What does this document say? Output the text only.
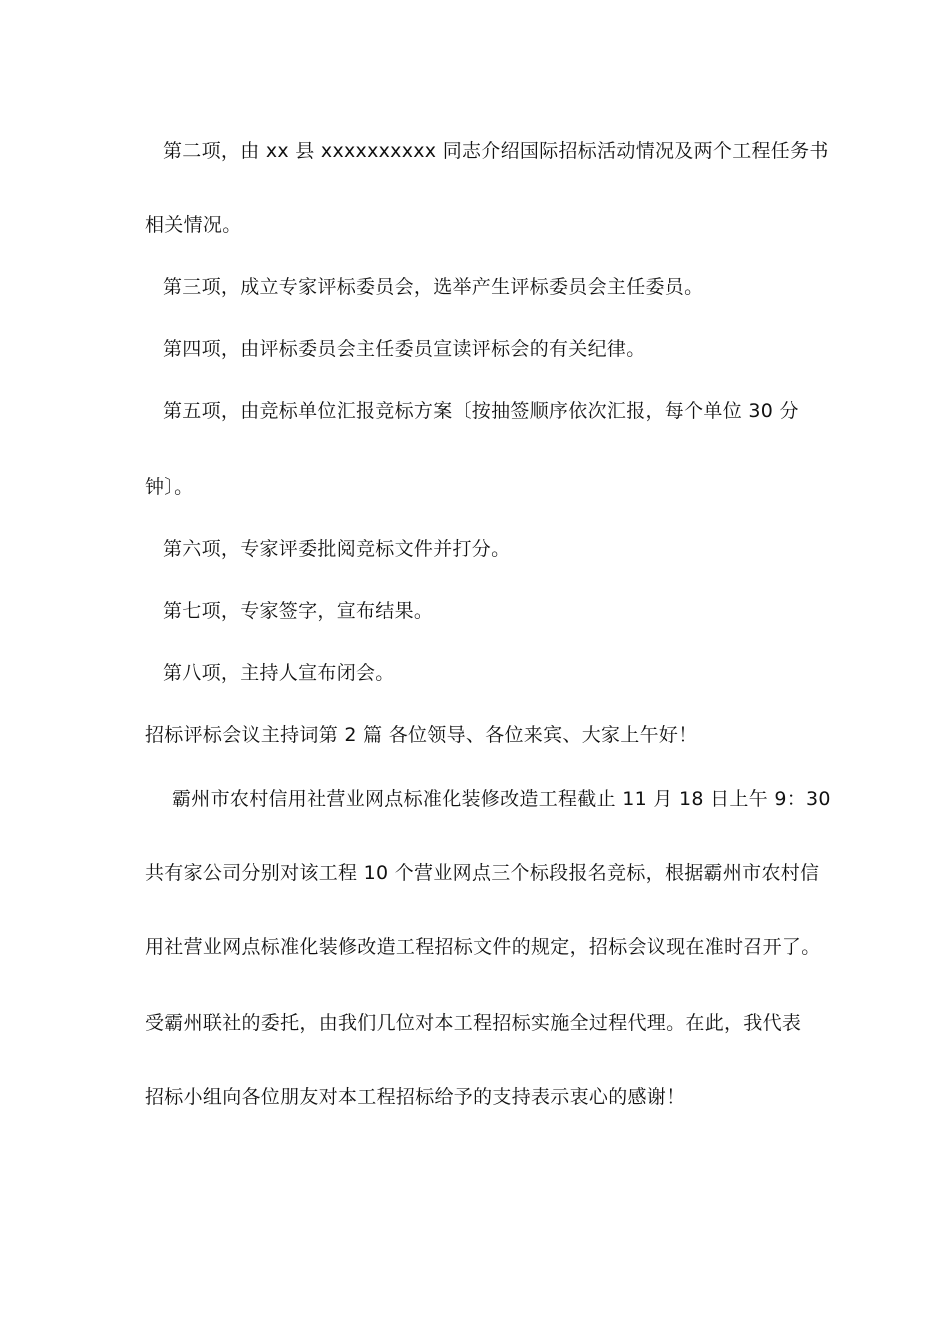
第二项，由 xx 县 xxxxxxxxxx 同志介绍国际招标活动情况及两个工程任务书
相关情况。
第三项，成立专家评标委员会，选举产生评标委员会主任委员。
第四项，由评标委员会主任委员宣读评标会的有关纪律。
第五项，由竞标单位汇报竞标方案〔按抽签顺序依次汇报，每个单位 30 分
钟〕。
第六项，专家评委批阅竞标文件并打分。
第七项，专家签字，宣布结果。
第八项，主持人宣布闭会。
招标评标会议主持词第 2 篇 各位领导、各位来宾、大家上午好！
霸州市农村信用社营业网点标准化装修改造工程截止 11 月 18 日上午 9：30
共有家公司分别对该工程 10 个营业网点三个标段报名竞标，根据霸州市农村信
用社营业网点标准化装修改造工程招标文件的规定，招标会议现在准时召开了。
受霸州联社的委托，由我们几位对本工程招标实施全过程代理。在此，我代表
招标小组向各位朋友对本工程招标给予的支持表示衷心的感谢！
